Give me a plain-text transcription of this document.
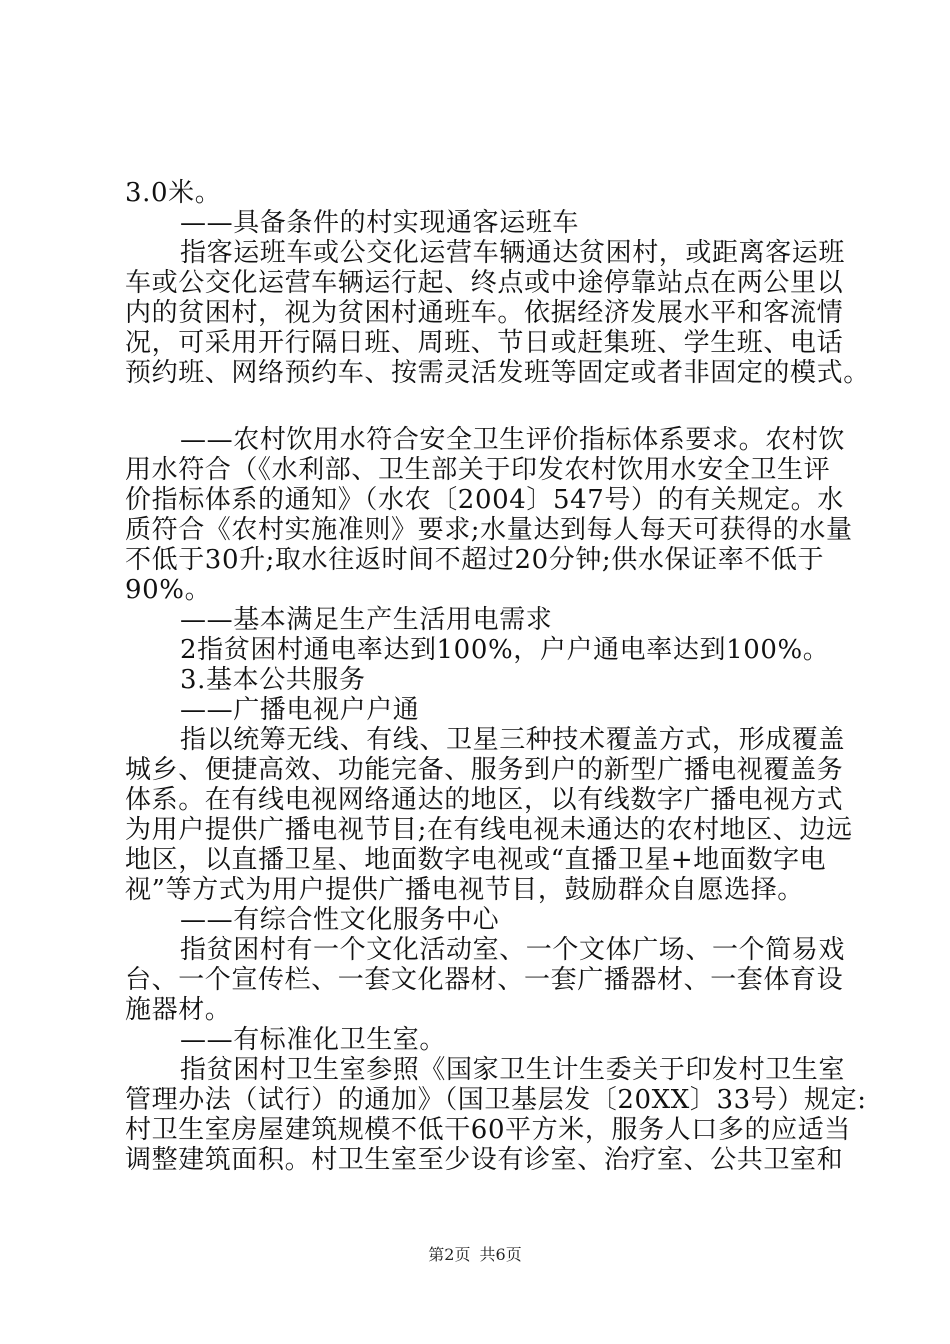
3.0米。
——具备条件的村实现通客运班车
指客运班车或公交化运营车辆通达贫困村，或距离客运班
车或公交化运营车辆运行起、终点或中途停靠站点在两公里以
内的贫困村，视为贫困村通班车。依据经济发展水平和客流情
况，可采用开行隔日班、周班、节日或赶集班、学生班、电话
预约班、网络预约车、按需灵活发班等固定或者非固定的模式。
——农村饮用水符合安全卫生评价指标体系要求。农村饮
用水符合（《水利部、卫生部关于印发农村饮用水安全卫生评
价指标体系的通知》（水农〔2004〕547号）的有关规定。水
质符合《农村实施准则》要求;水量达到每人每天可获得的水量
不低于30升;取水往返时间不超过20分钟;供水保证率不低于
90%。
——基本满足生产生活用电需求
2指贫困村通电率达到100%，户户通电率达到100%。
3.基本公共服务
——广播电视户户通
指以统筹无线、有线、卫星三种技术覆盖方式，形成覆盖
城乡、便捷高效、功能完备、服务到户的新型广播电视覆盖务
体系。在有线电视网络通达的地区，以有线数字广播电视方式
为用户提供广播电视节目;在有线电视未通达的农村地区、边远
地区，以直播卫星、地面数字电视或“直播卫星+地面数字电
视”等方式为用户提供广播电视节目，鼓励群众自愿选择。
——有综合性文化服务中心
指贫困村有一个文化活动室、一个文体广场、一个简易戏
台、一个宣传栏、一套文化器材、一套广播器材、一套体育设
施器材。
——有标准化卫生室。
指贫困村卫生室参照《国家卫生计生委关于印发村卫生室
管理办法（试行）的通加》（国卫基层发〔20XX〕33号）规定:
村卫生室房屋建筑规模不低干60平方米，服务人口多的应适当
调整建筑面积。村卫生室至少设有诊室、治疗室、公共卫室和
第2页 共6页
